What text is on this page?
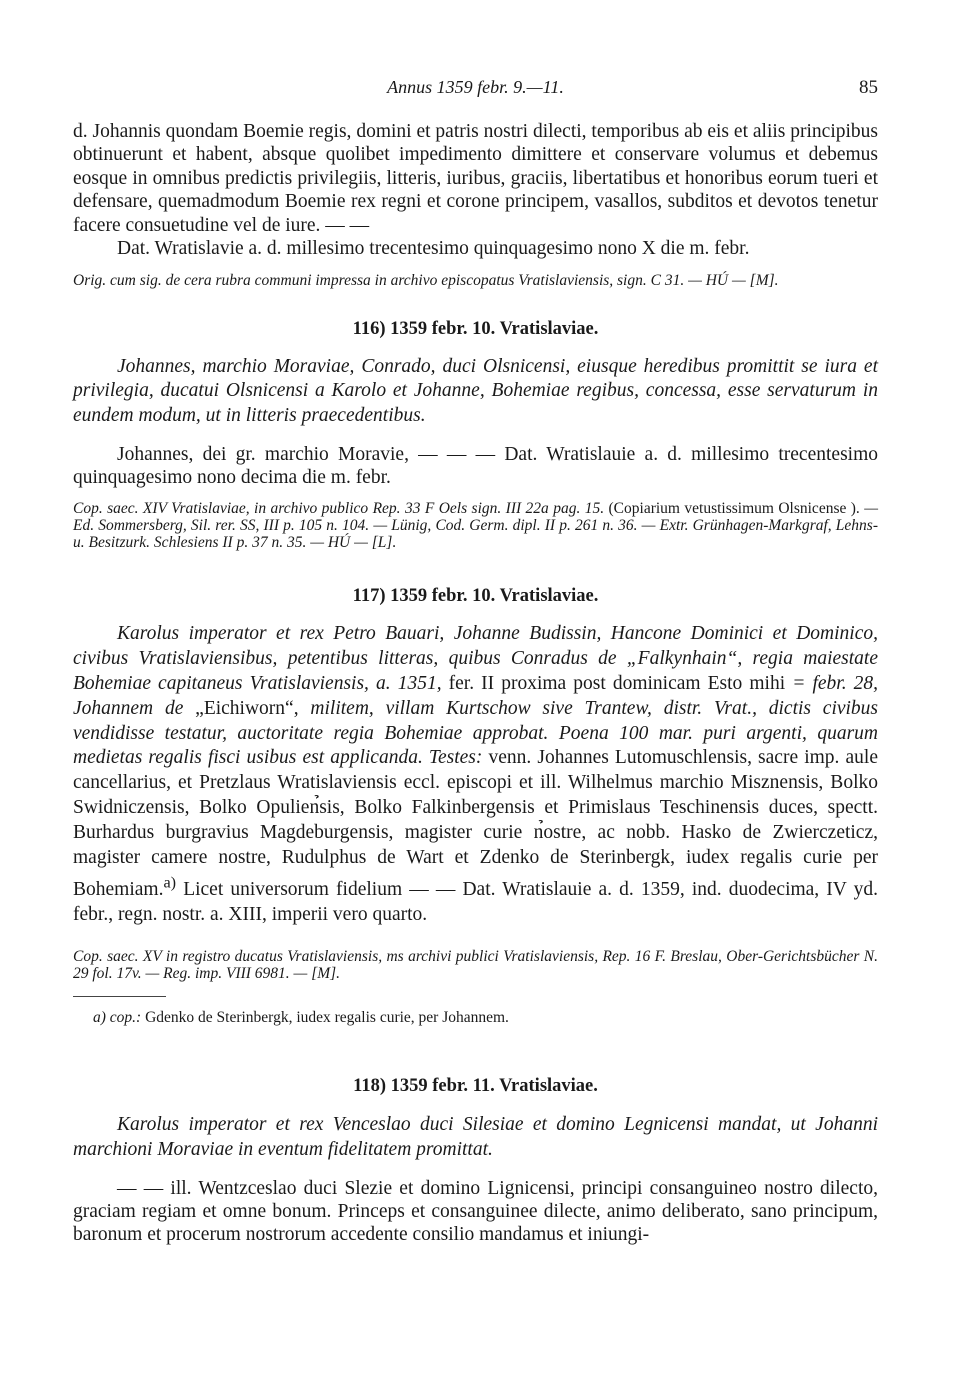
Annus 1359 febr. 9.—11.	85

d. Johannis quondam Boemie regis, domini et patris nostri dilecti, temporibus ab eis et aliis principibus obtinuerunt et habent, absque quolibet impedimento dimittere et conservare volumus et debemus eosque in omnibus predictis privilegiis, litteris, iuribus, graciis, libertatibus et honoribus eorum tueri et defensare, quemadmodum Boemie rex regni et corone principem, vasallos, subditos et devotos tenetur facere consuetudine vel de iure. — —

Dat. Wratislavie a. d. millesimo trecentesimo quinquagesimo nono X die m. febr.

Orig. cum sig. de cera rubra communi impressa in archivo episcopatus Vratislaviensis, sign. C 31. — HÚ — [M].

116) 1359 febr. 10. Vratislaviae.

Johannes, marchio Moraviae, Conrado, duci Olsnicensi, eiusque heredibus promittit se iura et privilegia, ducatui Olsnicensi a Karolo et Johanne, Bohemiae regibus, concessa, esse servaturum in eundem modum, ut in litteris praecedentibus.

Johannes, dei gr. marchio Moravie, — — — Dat. Wratislauie a. d. millesimo trecentesimo quinquagesimo nono decima die m. febr.

Cop. saec. XIV Vratislaviae, in archivo publico Rep. 33 F Oels sign. III 22a pag. 15. (Copiarium vetustissimum Olsnicense ). — Ed. Sommersberg, Sil. rer. SS, III p. 105 n. 104. — Lünig, Cod. Germ. dipl. II p. 261 n. 36. — Extr. Grünhagen-Markgraf, Lehns- u. Besitzurk. Schlesiens II p. 37 n. 35. — HÚ — [L].

117) 1359 febr. 10. Vratislaviae.

Karolus imperator et rex Petro Bauari, Johanne Budissin, Hancone Dominici et Dominico, civibus Vratislaviensibus, petentibus litteras, quibus Conradus de „Falkynhain“, regia maiestate Bohemiae capitaneus Vratislaviensis, a. 1351, fer. II proxima post dominicam Esto mihi = febr. 28, Johannem de „Eichiworn“, militem, villam Kurtschow sive Trantew, distr. Vrat., dictis civibus vendidisse testatur, auctoritate regia Bohemiae approbat. Poena 100 mar. puri argenti, quarum medietas regalis fisci usibus est applicanda. Testes: venn. Johannes Lutomuschlensis, sacre imp. aule cancellarius, et Pretzlaus Wratislaviensis eccl. episcopi et ill. Wilhelmus marchio Misznensis, Bolko Swidniczensis, Bolko Opulien̉sis, Bolko Falkinbergensis et Primislaus Teschinensis duces, spectt. Burhardus burgravius Magdeburgensis, magister curie n̉ostre, ac nobb. Hasko de Zwierczeticz, magister camere nostre, Rudulphus de Wart et Zdenko de Sterinbergk, iudex regalis curie per Bohemiam.$^{a)}$ Licet universorum fidelium — — Dat. Wratislauie a. d. 1359, ind. duodecima, IV yd. febr., regn. nostr. a. XIII, imperii vero quarto.

Cop. saec. XV in registro ducatus Vratislaviensis, ms archivi publici Vratislaviensis, Rep. 16 F. Breslau, Ober-Gerichtsbücher N. 29 fol. 17v. — Reg. imp. VIII 6981. — [M].

a) cop.: Gdenko de Sterinbergk, iudex regalis curie, per Johannem.

118) 1359 febr. 11. Vratislaviae.

Karolus imperator et rex Venceslao duci Silesiae et domino Legnicensi mandat, ut Johanni marchioni Moraviae in eventum fidelitatem promittat.

— — ill. Wentzceslao duci Slezie et domino Lignicensi, principi consanguineo nostro dilecto, graciam regiam et omne bonum. Princeps et consanguinee dilecte, animo deliberato, sano principum, baronum et procerum nostrorum accedente consilio mandamus et iniungi-
